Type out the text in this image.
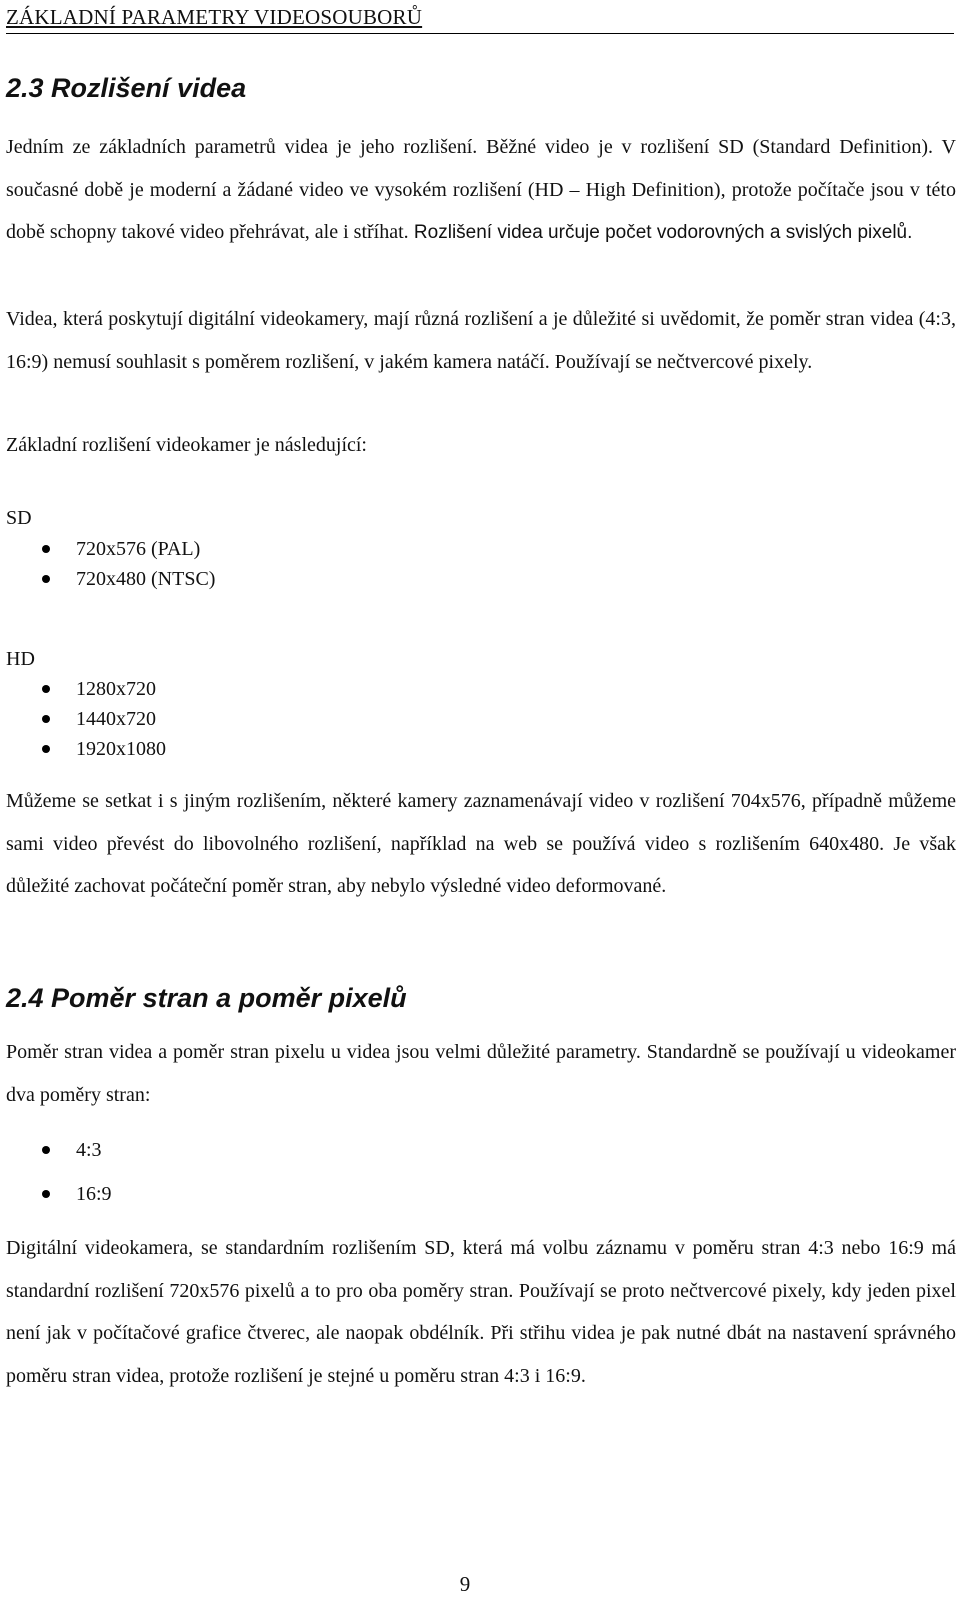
ZÁKLADNÍ PARAMETRY VIDEOSOUBORŮ
2.3 Rozlišení videa

Jedním ze základních parametrů videa je jeho rozlišení. Běžné video je v rozlišení SD (Standard Definition). V současné době je moderní a žádané video ve vysokém rozlišení (HD – High Definition), protože počítače jsou v této době schopny takové video přehrávat, ale i stříhat. Rozlišení videa určuje počet vodorovných a svislých pixelů.

Videa, která poskytují digitální videokamery, mají různá rozlišení a je důležité si uvědomit, že poměr stran videa (4:3, 16:9) nemusí souhlasit s poměrem rozlišení, v jakém kamera natáčí. Používají se nečtvercové pixely.

Základní rozlišení videokamer je následující:

SD

720x576 (PAL)
720x480 (NTSC)

HD

1280x720
1440x720
1920x1080

Můžeme se setkat i s jiným rozlišením, některé kamery zaznamenávají video v rozlišení 704x576, případně můžeme sami video převést do libovolného rozlišení, například na web se používá video s rozlišením 640x480. Je však důležité zachovat počáteční poměr stran, aby nebylo výsledné video deformované.

2.4 Poměr stran a poměr pixelů

Poměr stran videa a poměr stran pixelu u videa jsou velmi důležité parametry. Standardně se používají u videokamer dva poměry stran:

4:3
16:9

Digitální videokamera, se standardním rozlišením SD, která má volbu záznamu v poměru stran 4:3 nebo 16:9 má standardní rozlišení 720x576 pixelů a to pro oba poměry stran. Používají se proto nečtvercové pixely, kdy jeden pixel není jak v počítačové grafice čtverec, ale naopak obdélník. Při střihu videa je pak nutné dbát na nastavení správného poměru stran videa, protože rozlišení je stejné u poměru stran 4:3 i 16:9.

9
